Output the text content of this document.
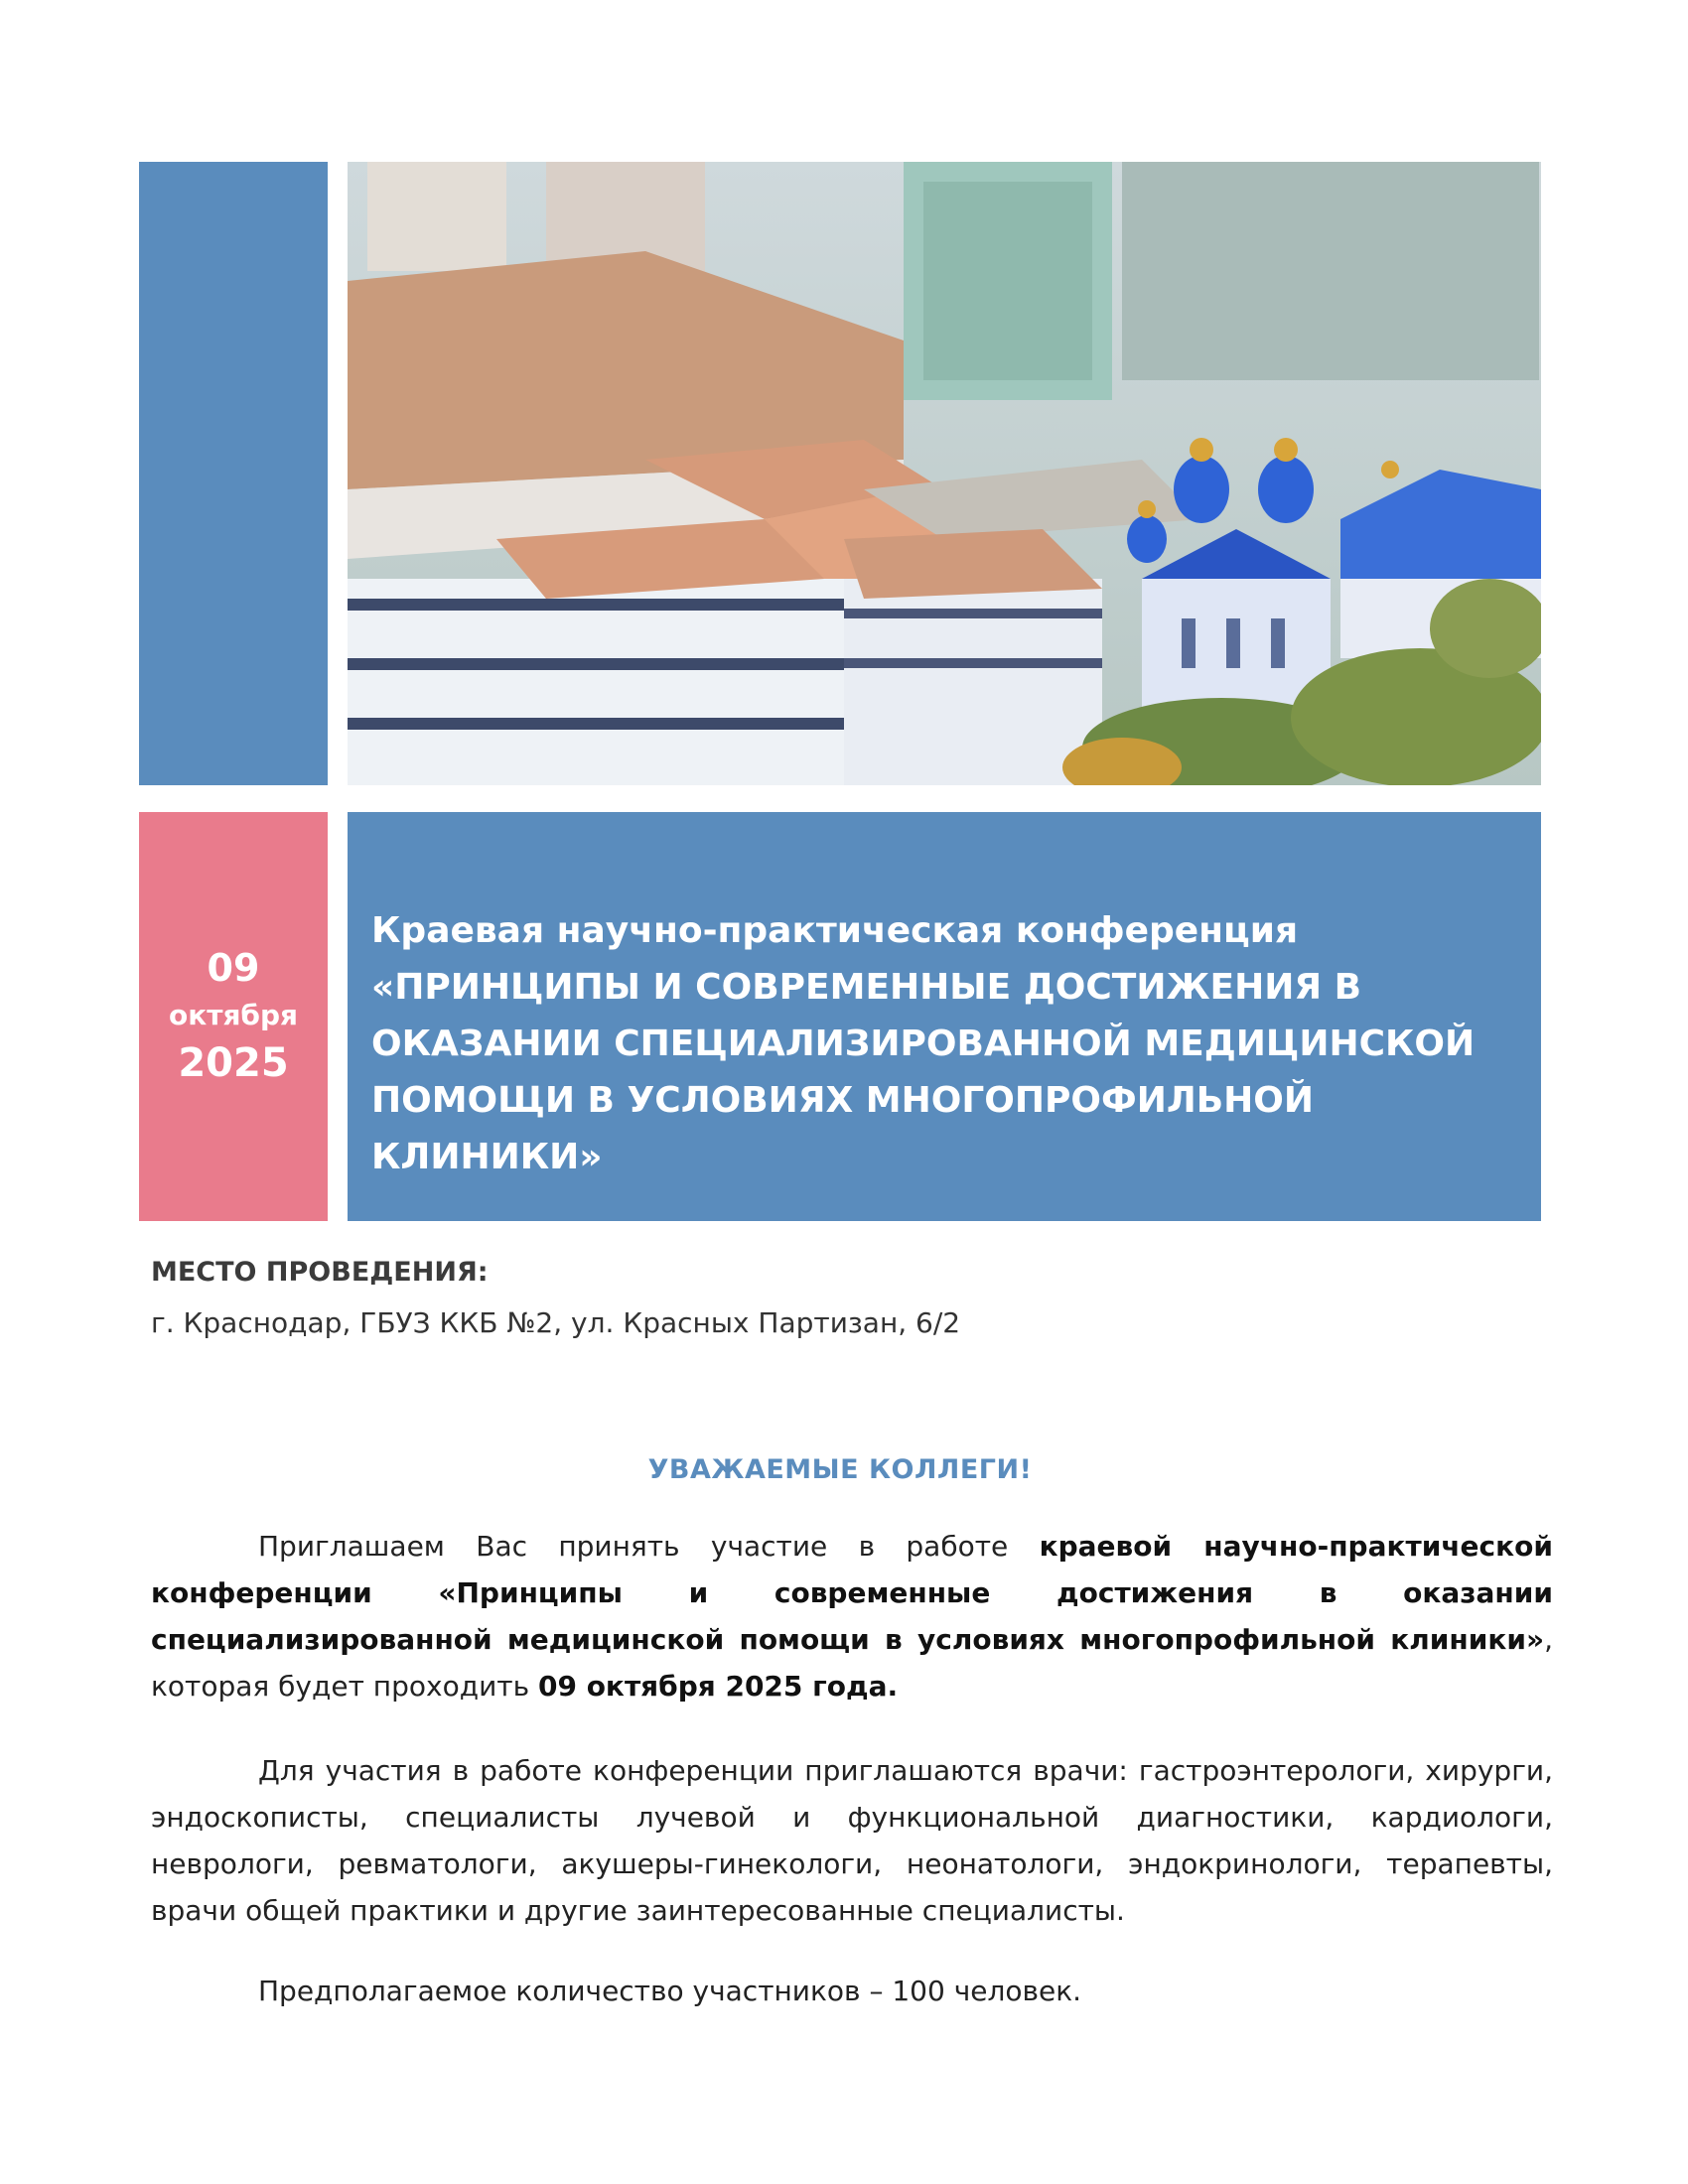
09
октября
2025
Краевая научно-практическая конференция
«ПРИНЦИПЫ И СОВРЕМЕННЫЕ ДОСТИЖЕНИЯ В ОКАЗАНИИ СПЕЦИАЛИЗИРОВАННОЙ МЕДИЦИНСКОЙ ПОМОЩИ В УСЛОВИЯХ МНОГОПРОФИЛЬНОЙ КЛИНИКИ»
МЕСТО ПРОВЕДЕНИЯ:
г. Краснодар, ГБУЗ ККБ №2, ул. Красных Партизан, 6/2
УВАЖАЕМЫЕ КОЛЛЕГИ!
Приглашаем Вас принять участие в работе краевой научно-практической конференции «Принципы и современные достижения в оказании специализированной медицинской помощи в условиях многопрофильной клиники», которая будет проходить 09 октября 2025 года.
Для участия в работе конференции приглашаются врачи: гастроэнтерологи, хирурги, эндоскописты, специалисты лучевой и функциональной диагностики, кардиологи, неврологи, ревматологи, акушеры-гинекологи, неонатологи, эндокринологи, терапевты, врачи общей практики и другие заинтересованные специалисты.
Предполагаемое количество участников – 100 человек.
